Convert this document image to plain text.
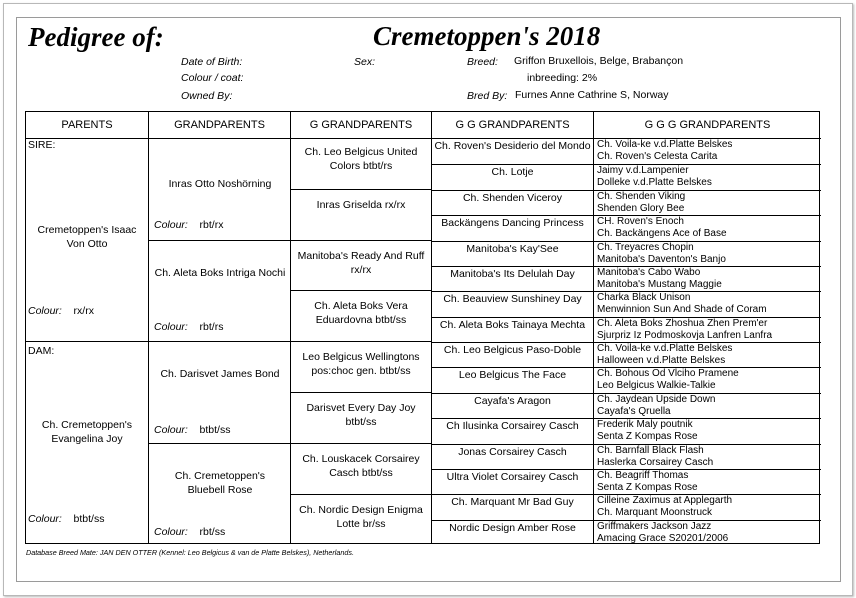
Pedigree of:	Cremetoppen's 2018
Date of Birth:
Colour / coat:
Owned By:
Sex:	Breed: Griffon Bruxellois, Belge, Brabançon
inbreeding: 2%
Bred By: Furnes Anne Cathrine S, Norway
PARENTS
SIRE:
Cremetoppen's Isaac Von Otto
Colour: rx/rx
DAM:
Ch. Cremetoppen's Evangelina Joy
Colour: btbt/ss
GRANDPARENTS
Inras Otto Noshörning
Colour: rbt/rx
Ch. Aleta Boks Intriga Nochi
Colour: rbt/rs
Ch. Darisvet James Bond
Colour: btbt/ss
Ch. Cremetoppen's Bluebell Rose
Colour: rbt/ss
G GRANDPARENTS
Ch. Leo Belgicus United Colors btbt/rs
Inras Griselda rx/rx
Manitoba's Ready And Ruff rx/rx
Ch. Aleta Boks Vera Eduardovna btbt/ss
Leo Belgicus Wellingtons pos:choc gen. btbt/ss
Darisvet Every Day Joy btbt/ss
Ch. Louskacek Corsairey Casch btbt/ss
Ch. Nordic Design Enigma Lotte br/ss
G G GRANDPARENTS
Ch. Roven's Desiderio del Mondo
Ch. Lotje
Ch. Shenden Viceroy
Backängens Dancing Princess
Manitoba's Kay'See
Manitoba's Its Delulah Day
Ch. Beauview Sunshiney Day
Ch. Aleta Boks Tainaya Mechta
Ch. Leo Belgicus Paso-Doble
Leo Belgicus The Face
Cayafa's Aragon
Ch Ilusinka Corsairey Casch
Jonas Corsairey Casch
Ultra Violet Corsairey Casch
Ch. Marquant Mr Bad Guy
Nordic Design Amber Rose
G G G GRANDPARENTS
Ch. Voila-ke v.d.Platte Belskes
Ch. Roven's Celesta Carita
Jaimy v.d.Lampenier
Dolleke v.d.Platte Belskes
Ch. Shenden Viking
Shenden Glory Bee
CH. Roven's Enoch
Ch. Backängens Ace of Base
Ch. Treyacres Chopin
Manitoba's Daventon's Banjo
Manitoba's Cabo Wabo
Manitoba's Mustang Maggie
Charka Black Unison
Menwinnion Sun And Shade of Coram
Ch. Aleta Boks Zhoshua Zhen Prem'er
Sjurpriz Iz Podmoskovja Lanfren Lanfra
Ch. Voila-ke v.d.Platte Belskes
Halloween v.d.Platte Belskes
Ch. Bohous Od Vlciho Pramene
Leo Belgicus Walkie-Talkie
Ch. Jaydean Upside Down
Cayafa's Qruella
Frederik Maly poutnik
Senta Z Kompas Rose
Ch. Barnfall Black Flash
Haslerka Corsairey Casch
Ch. Beagriff Thomas
Senta Z Kompas Rose
Cilleine Zaximus at Applegarth
Ch. Marquant Moonstruck
Griffmakers Jackson Jazz
Amacing Grace S20201/2006
Database Breed Mate: JAN DEN OTTER (Kennel: Leo Belgicus & van de Platte Belskes), Netherlands.
